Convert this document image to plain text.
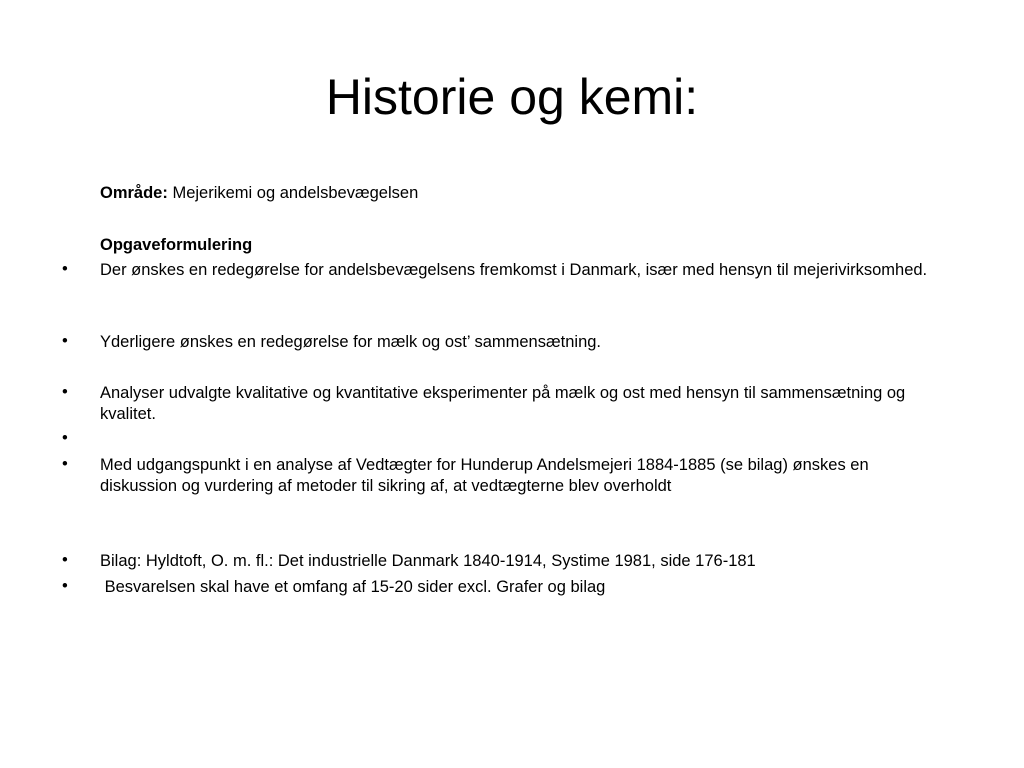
Historie og kemi:
Område: Mejerikemi og andelsbevægelsen
Opgaveformulering
•	Der ønskes en redegørelse for andelsbevægelsens fremkomst i Danmark, især med hensyn til mejerivirksomhed.
•	Yderligere ønskes en redegørelse for mælk og ost’ sammensætning.
•	Analyser udvalgte kvalitative og kvantitative eksperimenter på mælk og ost med hensyn til sammensætning og kvalitet.
•
•	Med udgangspunkt i en analyse af Vedtægter for Hunderup Andelsmejeri 1884-1885 (se bilag) ønskes en diskussion og vurdering af metoder til sikring af, at vedtægterne blev overholdt
•	Bilag: Hyldtoft, O. m. fl.: Det industrielle Danmark 1840-1914, Systime 1981, side 176-181
•	Besvarelsen skal have et omfang af 15-20 sider excl. Grafer og bilag
